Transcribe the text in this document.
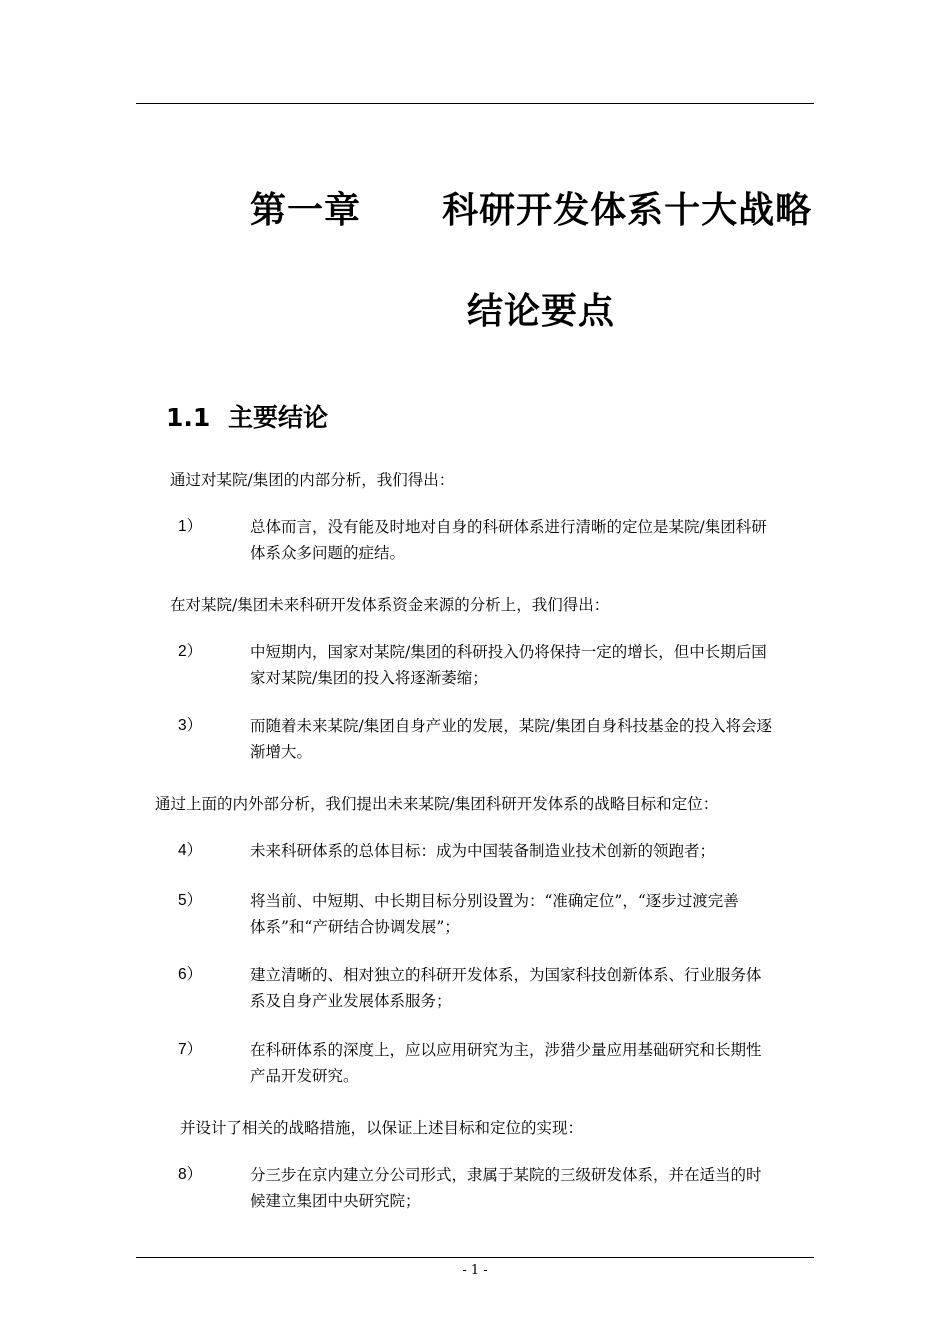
第一章 科研开发体系十大战略
结论要点
1.1 主要结论
通过对某院/集团的内部分析，我们得出：
1）	总体而言，没有能及时地对自身的科研体系进行清晰的定位是某院/集团科研
体系众多问题的症结。
在对某院/集团未来科研开发体系资金来源的分析上，我们得出：
2）	中短期内，国家对某院/集团的科研投入仍将保持一定的增长，但中长期后国
家对某院/集团的投入将逐渐萎缩；
3）	而随着未来某院/集团自身产业的发展，某院/集团自身科技基金的投入将会逐
渐增大。
通过上面的内外部分析，我们提出未来某院/集团科研开发体系的战略目标和定位：
4）	未来科研体系的总体目标：成为中国装备制造业技术创新的领跑者；
5）	将当前、中短期、中长期目标分别设置为：“准确定位”，“逐步过渡完善
体系”和“产研结合协调发展”；
6）	建立清晰的、相对独立的科研开发体系，为国家科技创新体系、行业服务体
系及自身产业发展体系服务；
7）	在科研体系的深度上，应以应用研究为主，涉猎少量应用基础研究和长期性
产品开发研究。
并设计了相关的战略措施，以保证上述目标和定位的实现：
8）	分三步在京内建立分公司形式，隶属于某院的三级研发体系，并在适当的时
候建立集团中央研究院；
- 1 -
